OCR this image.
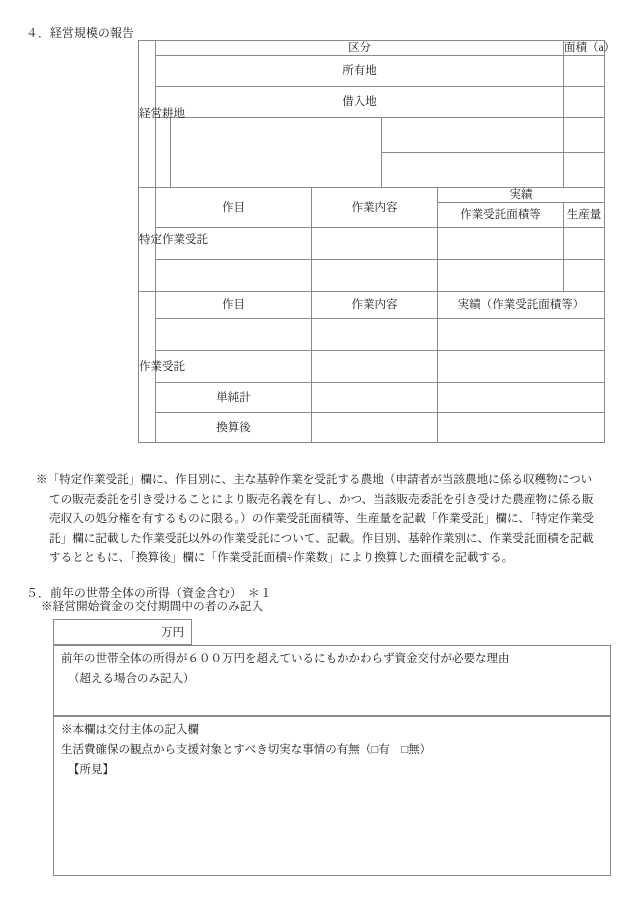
４．経営規模の報告
経営耕地	区分	面積（a）
所有地	
借入地	

特定作業受託	作目	作業内容	実績
作業受託面積等	生産量

作業受託	作目	作業内容	実績（作業受託面積等）

単純計		
換算後		
※「特定作業受託」欄に、作目別に、主な基幹作業を受託する農地（申請者が当該農地に係る収穫物につい
ての販売委託を引き受けることにより販売名義を有し、かつ、当該販売委託を引き受けた農産物に係る販
売収入の処分権を有するものに限る。）の作業受託面積等、生産量を記載「作業受託」欄に、「特定作業受
託」欄に記載した作業受託以外の作業受託について、記載。作目別、基幹作業別に、作業受託面積を記載
するとともに、「換算後」欄に「作業受託面積÷作業数」により換算した面積を記載する。
５．前年の世帯全体の所得（資金含む）　＊１
※経営開始資金の交付期間中の者のみ記入
万円
前年の世帯全体の所得が６００万円を超えているにもかかわらず資金交付が必要な理由
（超える場合のみ記入）
※本欄は交付主体の記入欄
生活費確保の観点から支援対象とすべき切実な事情の有無（□有　□無）
【所見】
